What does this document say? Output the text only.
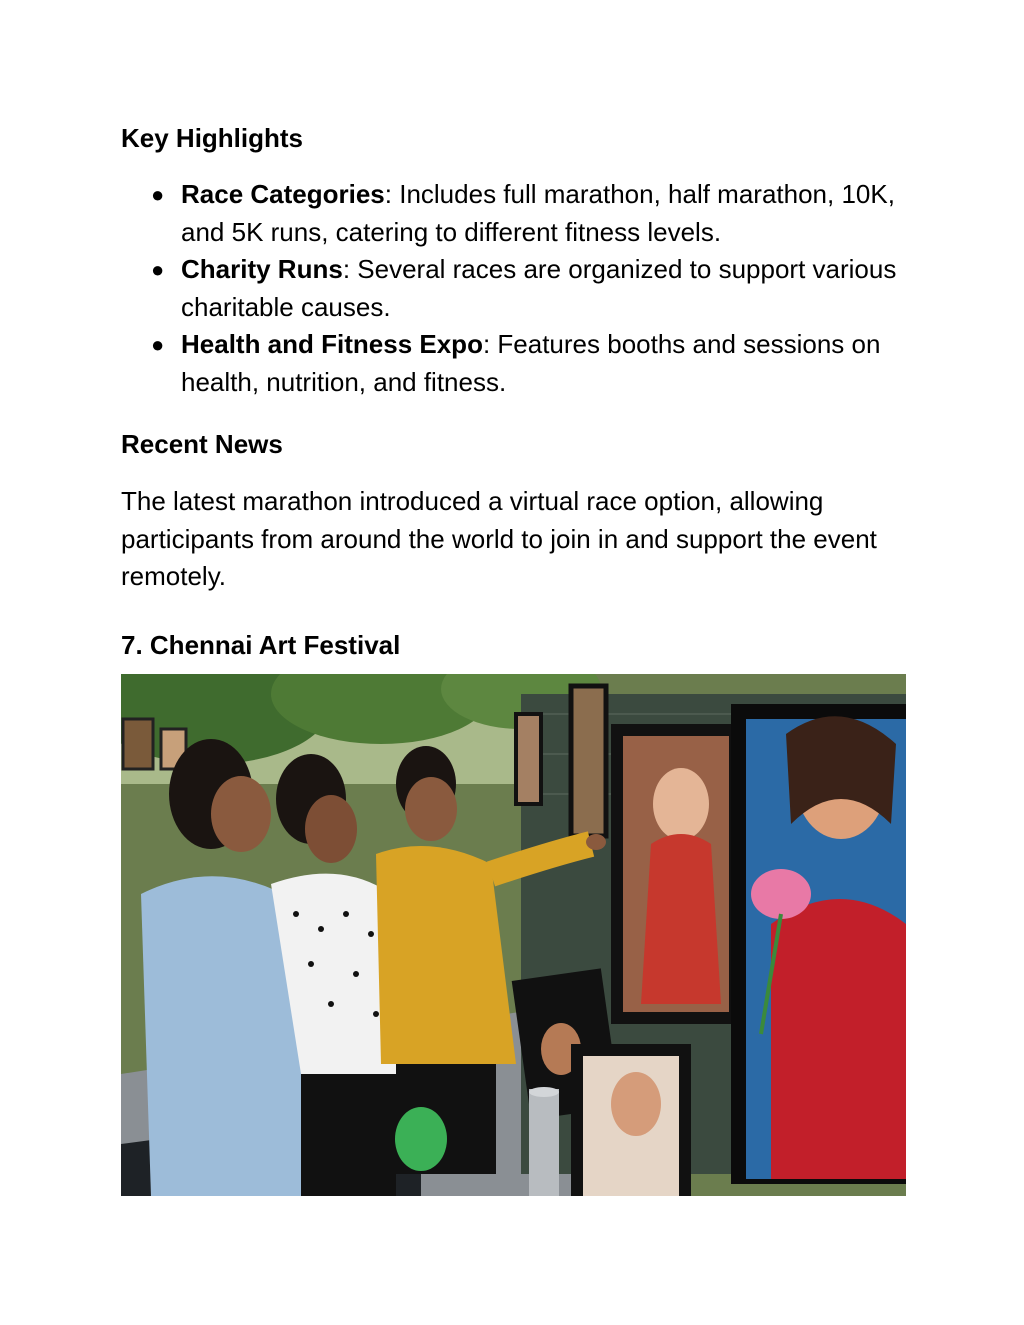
Key Highlights
● Race Categories: Includes full marathon, half marathon, 10K, and 5K runs, catering to different fitness levels.
● Charity Runs: Several races are organized to support various charitable causes.
● Health and Fitness Expo: Features booths and sessions on health, nutrition, and fitness.
Recent News

The latest marathon introduced a virtual race option, allowing participants from around the world to join in and support the event remotely.

7. Chennai Art Festival
